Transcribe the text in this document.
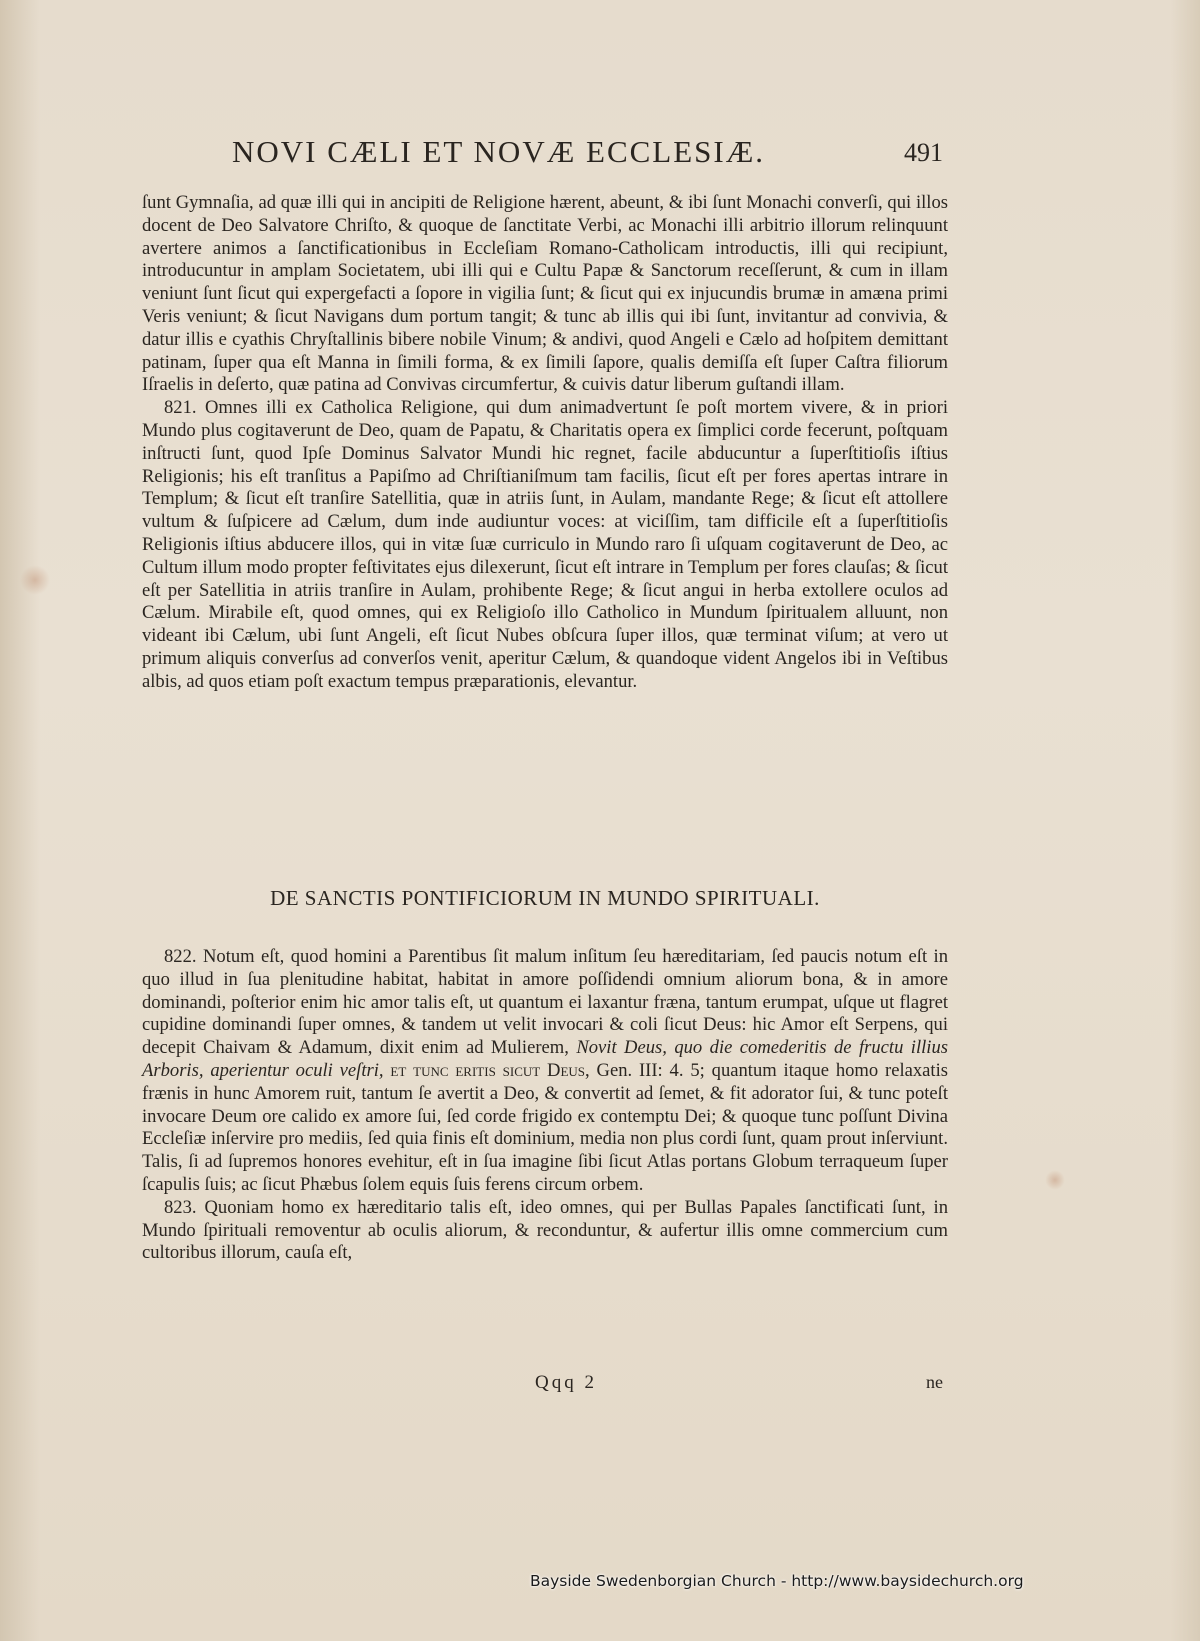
NOVI CÆLI ET NOVÆ ECCLESIÆ.	491

ſunt Gymnaſia, ad quæ illi qui in ancipiti de Religione hærent, abeunt, & ibi ſunt Monachi converſi, qui illos docent de Deo Salvatore Chriſto, & quoque de ſanctitate Verbi, ac Monachi illi arbitrio illorum relinquunt avertere animos a ſanctificationibus in Eccleſiam Romano-Catholicam introductis, illi qui recipiunt, introducuntur in amplam Societatem, ubi illi qui e Cultu Papæ & Sanctorum receſſerunt, & cum in illam veniunt ſunt ſicut qui expergefacti a ſopore in vigilia ſunt; & ſicut qui ex injucundis brumæ in amæna primi Veris veniunt; & ſicut Navigans dum portum tangit; & tunc ab illis qui ibi ſunt, invitantur ad convivia, & datur illis e cyathis Chryſtallinis bibere nobile Vinum; & andivi, quod Angeli e Cælo ad hoſpitem demittant patinam, ſuper qua eſt Manna in ſimili forma, & ex ſimili ſapore, qualis demiſſa eſt ſuper Caſtra filiorum Iſraelis in deſerto, quæ patina ad Convivas circumfertur, & cuivis datur liberum guſtandi illam.

821. Omnes illi ex Catholica Religione, qui dum animadvertunt ſe poſt mortem vivere, & in priori Mundo plus cogitaverunt de Deo, quam de Papatu, & Charitatis opera ex ſimplici corde fecerunt, poſtquam inſtructi ſunt, quod Ipſe Dominus Salvator Mundi hic regnet, facile abducuntur a ſuperſtitioſis iſtius Religionis; his eſt tranſitus a Papiſmo ad Chriſtianiſmum tam facilis, ſicut eſt per fores apertas intrare in Templum; & ſicut eſt tranſire Satellitia, quæ in atriis ſunt, in Aulam, mandante Rege; & ſicut eſt attollere vultum & ſuſpicere ad Cælum, dum inde audiuntur voces: at viciſſim, tam difficile eſt a ſuperſtitioſis Religionis iſtius abducere illos, qui in vitæ ſuæ curriculo in Mundo raro ſi uſquam cogitaverunt de Deo, ac Cultum illum modo propter feſtivitates ejus dilexerunt, ſicut eſt intrare in Templum per fores clauſas; & ſicut eſt per Satellitia in atriis tranſire in Aulam, prohibente Rege; & ſicut angui in herba extollere oculos ad Cælum. Mirabile eſt, quod omnes, qui ex Religioſo illo Catholico in Mundum ſpiritualem alluunt, non videant ibi Cælum, ubi ſunt Angeli, eſt ſicut Nubes obſcura ſuper illos, quæ terminat viſum; at vero ut primum aliquis converſus ad converſos venit, aperitur Cælum, & quandoque vident Angelos ibi in Veſtibus albis, ad quos etiam poſt exactum tempus præparationis, elevantur.

DE SANCTIS PONTIFICIORUM IN MUNDO SPIRITUALI.

822. Notum eſt, quod homini a Parentibus ſit malum inſitum ſeu hæreditariam, ſed paucis notum eſt in quo illud in ſua plenitudine habitat, habitat in amore poſſidendi omnium aliorum bona, & in amore dominandi, poſterior enim hic amor talis eſt, ut quantum ei laxantur fræna, tantum erumpat, uſque ut flagret cupidine dominandi ſuper omnes, & tandem ut velit invocari & coli ſicut Deus: hic Amor eſt Serpens, qui decepit Chaivam & Adamum, dixit enim ad Mulierem, Novit Deus, quo die comederitis de fructu illius Arboris, aperientur oculi veſtri, et tunc eritis sicut Deus, Gen. III: 4. 5; quantum itaque homo relaxatis frænis in hunc Amorem ruit, tantum ſe avertit a Deo, & convertit ad ſemet, & fit adorator ſui, & tunc poteſt invocare Deum ore calido ex amore ſui, ſed corde frigido ex contemptu Dei; & quoque tunc poſſunt Divina Eccleſiæ inſervire pro mediis, ſed quia finis eſt dominium, media non plus cordi ſunt, quam prout inſerviunt. Talis, ſi ad ſupremos honores evehitur, eſt in ſua imagine ſibi ſicut Atlas portans Globum terraqueum ſuper ſcapulis ſuis; ac ſicut Phæbus ſolem equis ſuis ferens circum orbem.

823. Quoniam homo ex hæreditario talis eſt, ideo omnes, qui per Bullas Papales ſanctificati ſunt, in Mundo ſpirituali removentur ab oculis aliorum, & reconduntur, & aufertur illis omne commercium cum cultoribus illorum, cauſa eſt,

Qqq 2	ne
Bayside Swedenborgian Church - http://www.baysidechurch.org
